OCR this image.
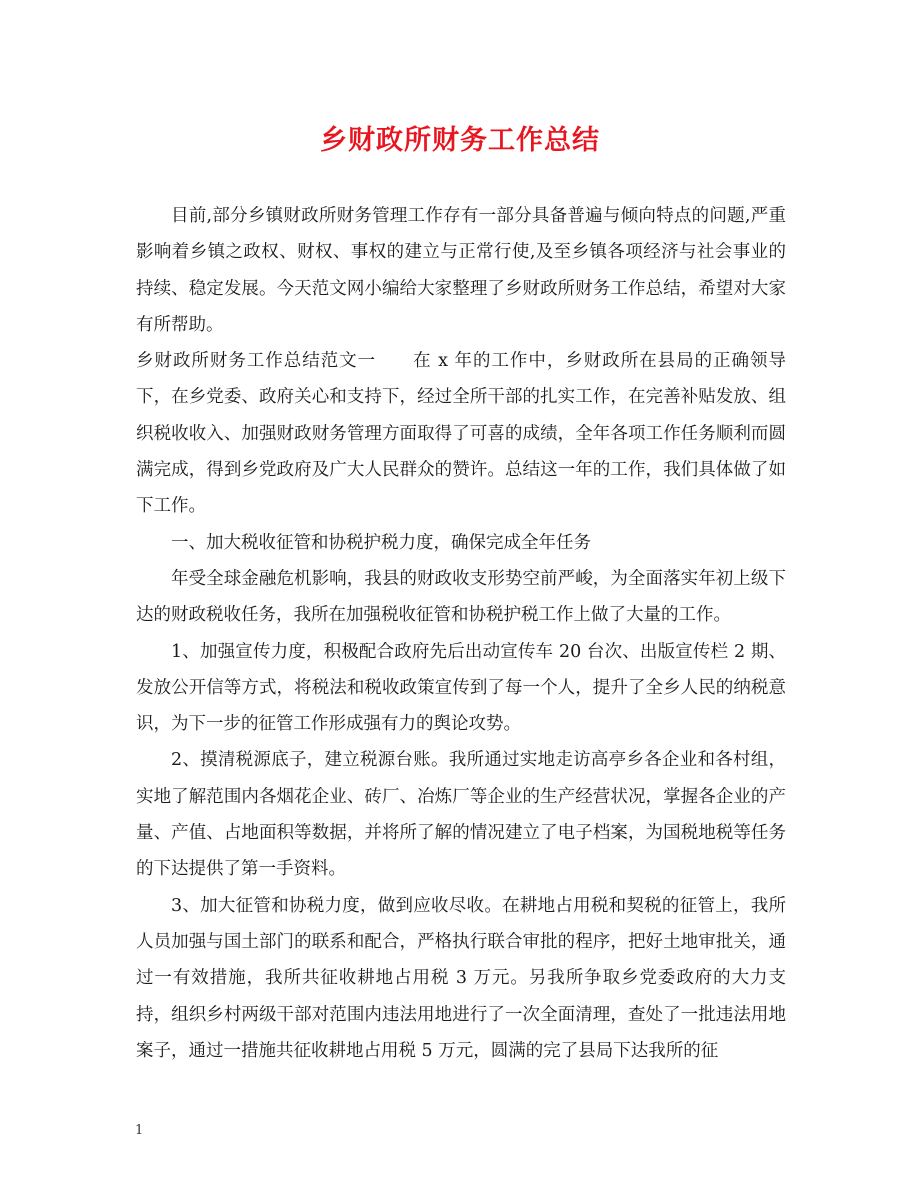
乡财政所财务工作总结

目前,部分乡镇财政所财务管理工作存有一部分具备普遍与倾向特点的问题,严重影响着乡镇之政权、财权、事权的建立与正常行使,及至乡镇各项经济与社会事业的持续、稳定发展。今天范文网小编给大家整理了乡财政所财务工作总结，希望对大家有所帮助。

乡财政所财务工作总结范文一 在 x 年的工作中，乡财政所在县局的正确领导下，在乡党委、政府关心和支持下，经过全所干部的扎实工作，在完善补贴发放、组织税收收入、加强财政财务管理方面取得了可喜的成绩，全年各项工作任务顺利而圆满完成，得到乡党政府及广大人民群众的赞许。总结这一年的工作，我们具体做了如下工作。

一、加大税收征管和协税护税力度，确保完成全年任务

年受全球金融危机影响，我县的财政收支形势空前严峻，为全面落实年初上级下达的财政税收任务，我所在加强税收征管和协税护税工作上做了大量的工作。

1、加强宣传力度，积极配合政府先后出动宣传车 20 台次、出版宣传栏 2 期、发放公开信等方式，将税法和税收政策宣传到了每一个人，提升了全乡人民的纳税意识，为下一步的征管工作形成强有力的舆论攻势。

2、摸清税源底子，建立税源台账。我所通过实地走访高亭乡各企业和各村组，实地了解范围内各烟花企业、砖厂、冶炼厂等企业的生产经营状况，掌握各企业的产量、产值、占地面积等数据，并将所了解的情况建立了电子档案，为国税地税等任务的下达提供了第一手资料。

3、加大征管和协税力度，做到应收尽收。在耕地占用税和契税的征管上，我所人员加强与国土部门的联系和配合，严格执行联合审批的程序，把好土地审批关，通过一有效措施，我所共征收耕地占用税 3 万元。另我所争取乡党委政府的大力支持，组织乡村两级干部对范围内违法用地进行了一次全面清理，查处了一批违法用地案子，通过一措施共征收耕地占用税 5 万元，圆满的完了县局下达我所的征

1
